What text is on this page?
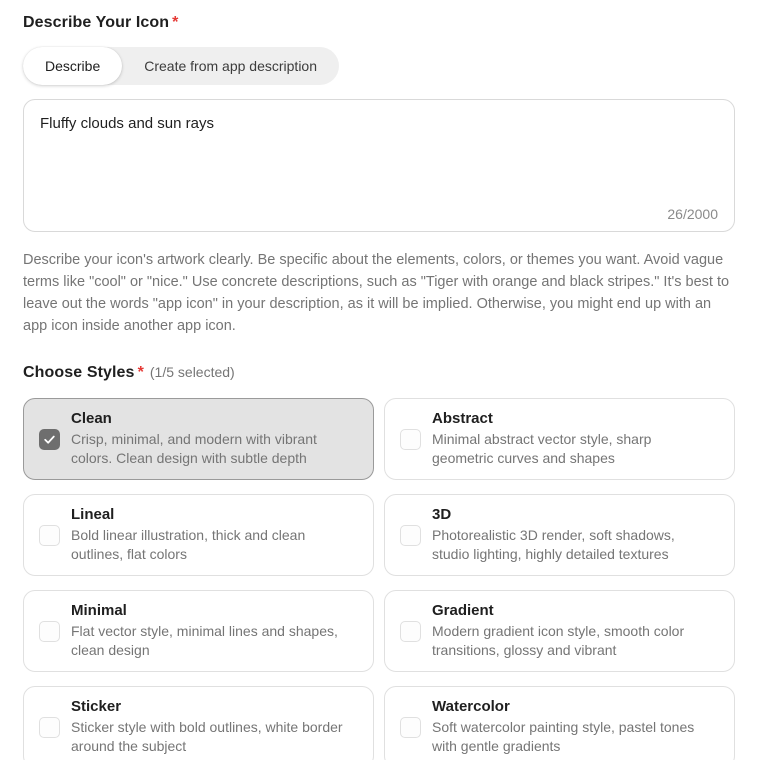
Describe Your Icon *
Describe	Create from app description
Fluffy clouds and sun rays
26/2000
Describe your icon's artwork clearly. Be specific about the elements, colors, or themes you want. Avoid vague terms like "cool" or "nice." Use concrete descriptions, such as "Tiger with orange and black stripes." It's best to leave out the words "app icon" in your description, as it will be implied. Otherwise, you might end up with an app icon inside another app icon.
Choose Styles * (1/5 selected)
Clean
Crisp, minimal, and modern with vibrant colors. Clean design with subtle depth
Abstract
Minimal abstract vector style, sharp geometric curves and shapes
Lineal
Bold linear illustration, thick and clean outlines, flat colors
3D
Photorealistic 3D render, soft shadows, studio lighting, highly detailed textures
Minimal
Flat vector style, minimal lines and shapes, clean design
Gradient
Modern gradient icon style, smooth color transitions, glossy and vibrant
Sticker
Sticker style with bold outlines, white border around the subject
Watercolor
Soft watercolor painting style, pastel tones with gentle gradients
